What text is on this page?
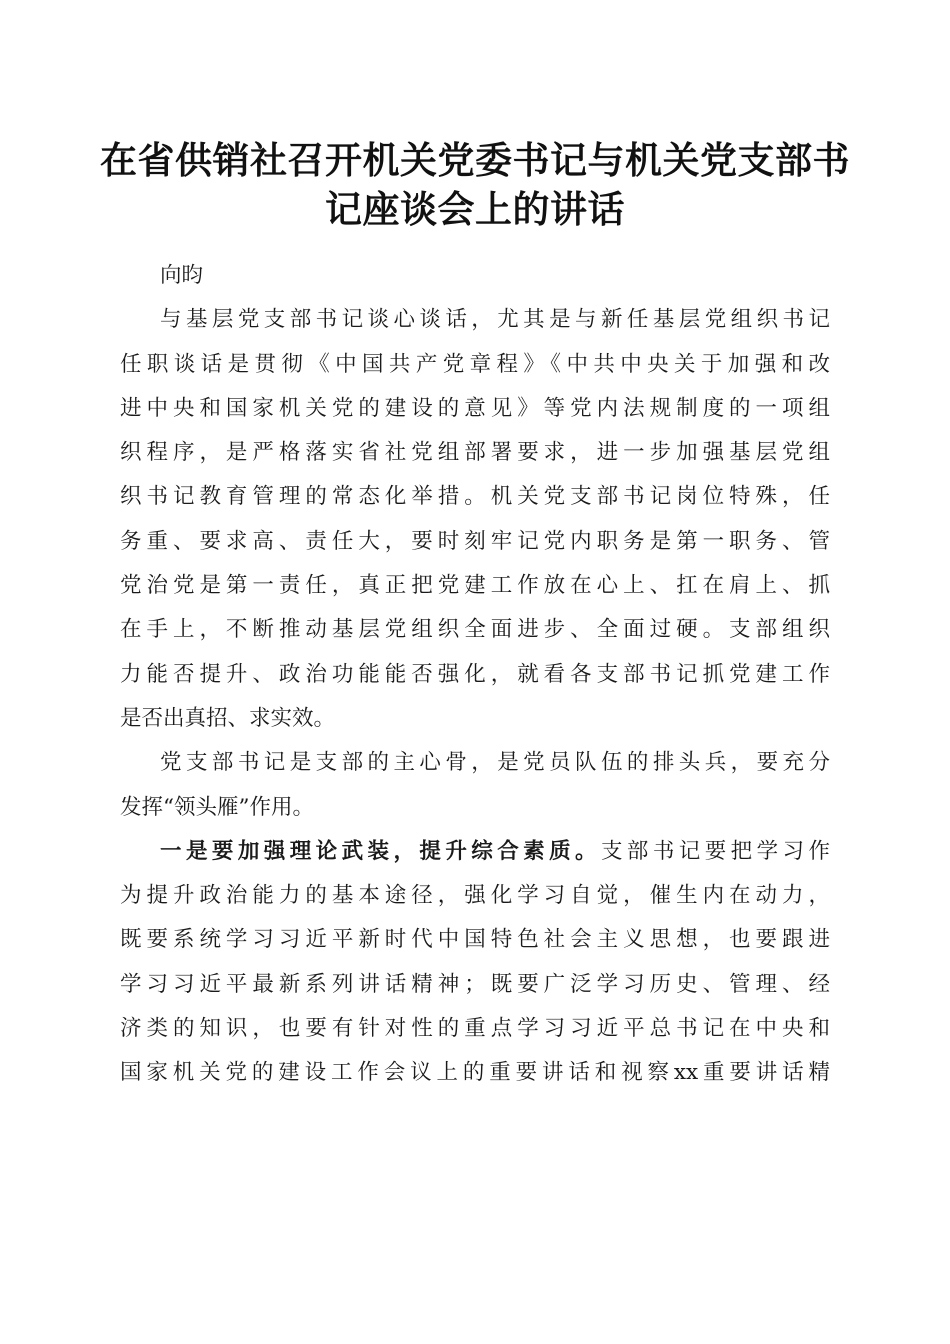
在省供销社召开机关党委书记与机关党支部书
记座谈会上的讲话

向昀

与基层党支部书记谈心谈话，尤其是与新任基层党组织书记
任职谈话是贯彻《中国共产党章程》《中共中央关于加强和改
进中央和国家机关党的建设的意见》等党内法规制度的一项组
织程序，是严格落实省社党组部署要求，进一步加强基层党组
织书记教育管理的常态化举措。机关党支部书记岗位特殊，任
务重、要求高、责任大，要时刻牢记党内职务是第一职务、管
党治党是第一责任，真正把党建工作放在心上、扛在肩上、抓
在手上，不断推动基层党组织全面进步、全面过硬。支部组织
力能否提升、政治功能能否强化，就看各支部书记抓党建工作
是否出真招、求实效。

党支部书记是支部的主心骨，是党员队伍的排头兵，要充分
发挥“领头雁”作用。

一是要加强理论武装，提升综合素质。支部书记要把学习作
为提升政治能力的基本途径，强化学习自觉，催生内在动力，
既要系统学习习近平新时代中国特色社会主义思想，也要跟进
学习习近平最新系列讲话精神；既要广泛学习历史、管理、经
济类的知识，也要有针对性的重点学习习近平总书记在中央和
国家机关党的建设工作会议上的重要讲话和视察xx重要讲话精
